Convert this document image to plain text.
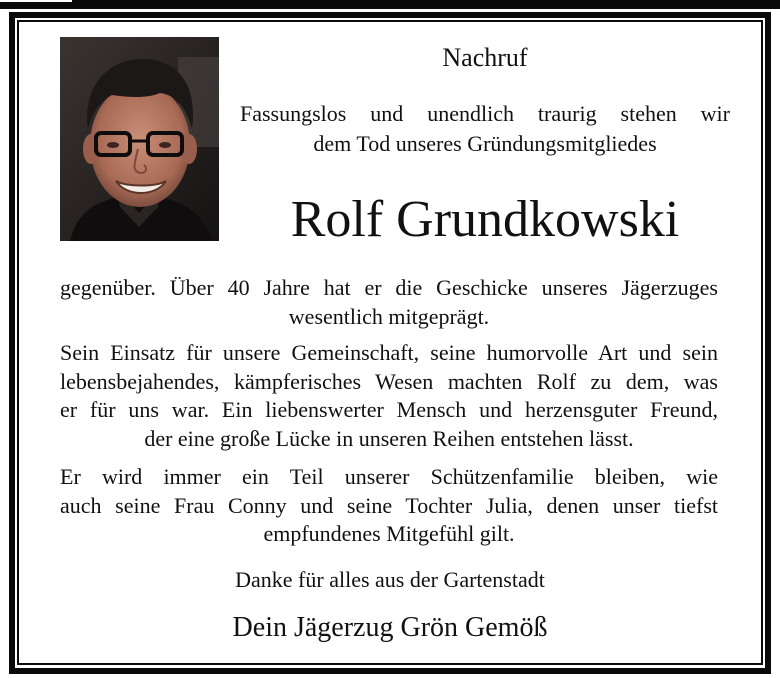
Nachruf

Fassungslos und unendlich traurig stehen wir
dem Tod unseres Gründungsmitgliedes

Rolf Grundkowski

gegenüber. Über 40 Jahre hat er die Geschicke unseres Jägerzuges
wesentlich mitgeprägt.
Sein Einsatz für unsere Gemeinschaft, seine humorvolle Art und sein
lebensbejahendes, kämpferisches Wesen machten Rolf zu dem, was
er für uns war. Ein liebenswerter Mensch und herzensguter Freund,
der eine große Lücke in unseren Reihen entstehen lässt.
Er wird immer ein Teil unserer Schützenfamilie bleiben, wie
auch seine Frau Conny und seine Tochter Julia, denen unser tiefst
empfundenes Mitgefühl gilt.

Danke für alles aus der Gartenstadt

Dein Jägerzug Grön Gemöß
